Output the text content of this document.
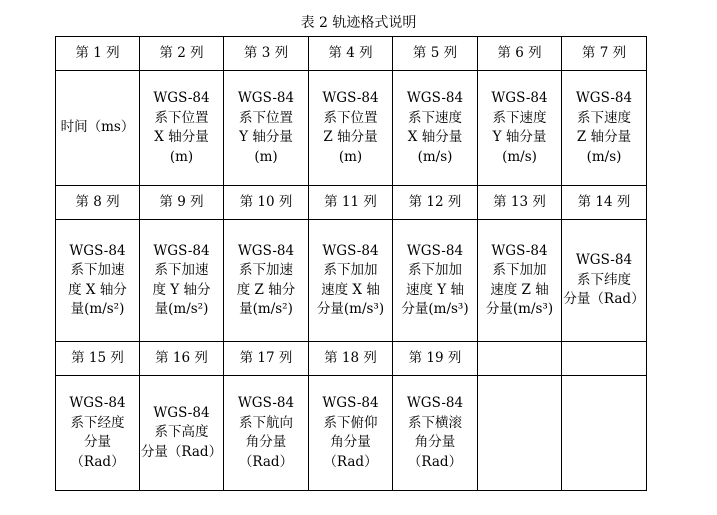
表 2 轨迹格式说明
第 1 列	第 2 列	第 3 列	第 4 列	第 5 列	第 6 列	第 7 列
时间（ms）	WGS-84
系下位置
X 轴分量
(m)	WGS-84
系下位置
Y 轴分量
(m)	WGS-84
系下位置
Z 轴分量
(m)	WGS-84
系下速度
X 轴分量
(m/s)	WGS-84
系下速度
Y 轴分量
(m/s)	WGS-84
系下速度
Z 轴分量
(m/s)
第 8 列	第 9 列	第 10 列	第 11 列	第 12 列	第 13 列	第 14 列
WGS-84
系下加速
度 X 轴分
量(m/s²)	WGS-84
系下加速
度 Y 轴分
量(m/s²)	WGS-84
系下加速
度 Z 轴分
量(m/s²)	WGS-84
系下加加
速度 X 轴
分量(m/s³)	WGS-84
系下加加
速度 Y 轴
分量(m/s³)	WGS-84
系下加加
速度 Z 轴
分量(m/s³)	WGS-84
系下纬度
分量（Rad）
第 15 列	第 16 列	第 17 列	第 18 列	第 19 列		
WGS-84
系下经度
分量
（Rad）	WGS-84
系下高度
分量（Rad）	WGS-84
系下航向
角分量
（Rad）	WGS-84
系下俯仰
角分量
（Rad）	WGS-84
系下横滚
角分量
（Rad）		
